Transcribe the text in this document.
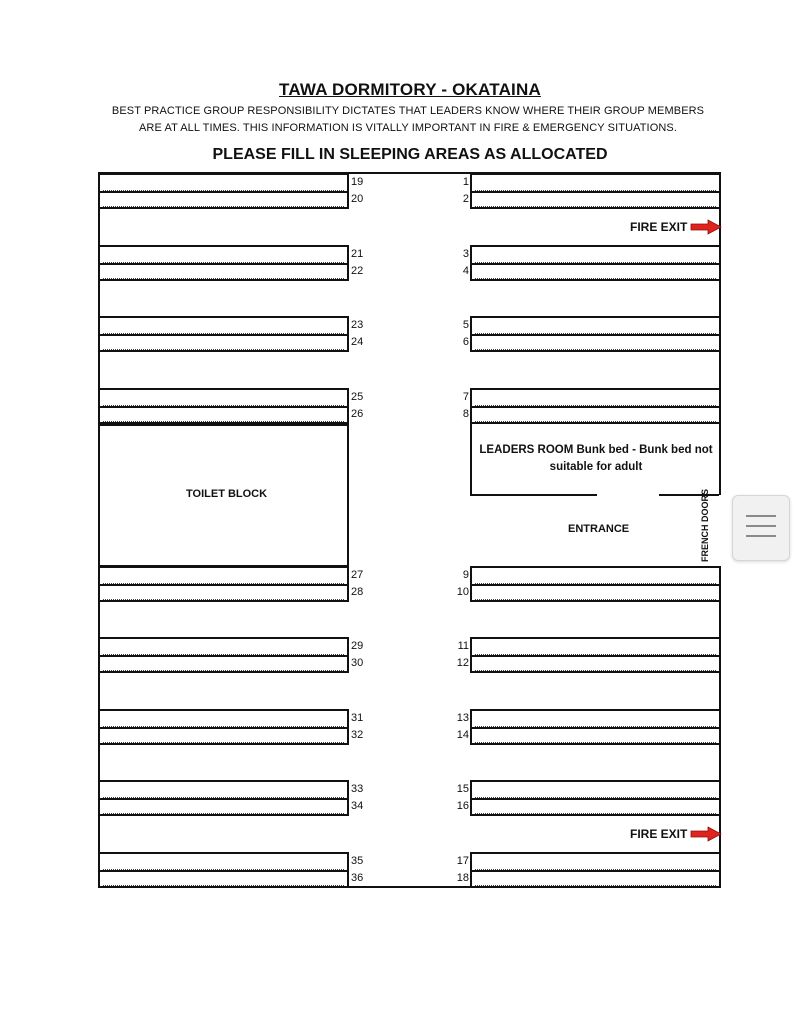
TAWA DORMITORY - OKATAINA
BEST PRACTICE GROUP RESPONSIBILITY DICTATES THAT LEADERS KNOW WHERE THEIR GROUP MEMBERS
ARE AT ALL TIMES. THIS INFORMATION IS VITALLY IMPORTANT IN FIRE & EMERGENCY SITUATIONS.
PLEASE FILL IN SLEEPING AREAS AS ALLOCATED
19
20
21
22
23
24
25
26
27
28
29
30
31
32
33
34
35
36
1
2
3
4
5
6
7
8
9
10
11
12
13
14
15
16
17
18
TOILET BLOCK
LEADERS ROOM Bunk bed - Bunk bed not
suitable for adult
ENTRANCE	FRENCH DOORS
FIRE EXIT
FIRE EXIT
